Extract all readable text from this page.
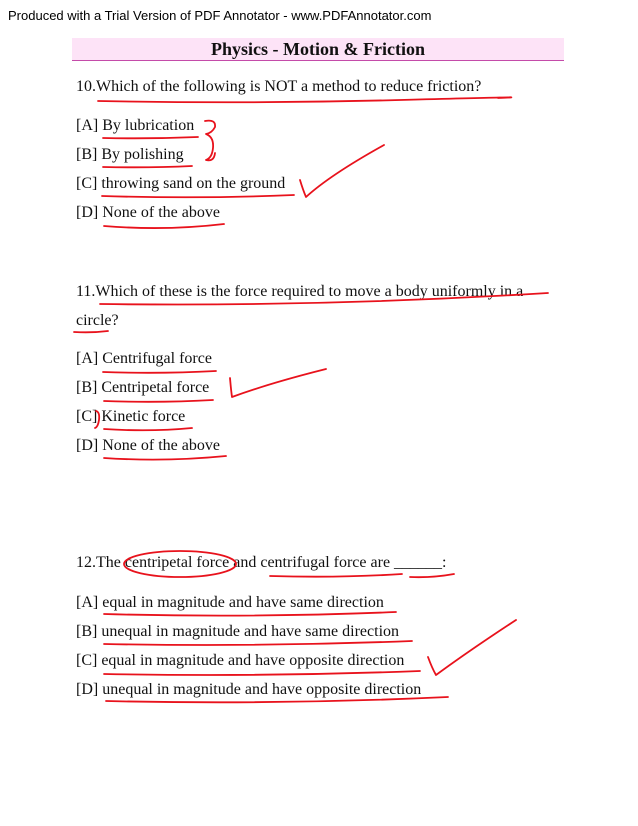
Produced with a Trial Version of PDF Annotator - www.PDFAnnotator.com
Physics - Motion & Friction
10.Which of the following is NOT a method to reduce friction?
[A] By lubrication
[B] By polishing
[C] throwing sand on the ground
[D] None of the above
11.Which of these is the force required to move a body uniformly in a
circle?
[A] Centrifugal force
[B] Centripetal force
[C] Kinetic force
[D] None of the above
12.The centripetal force and centrifugal force are ______:
[A] equal in magnitude and have same direction
[B] unequal in magnitude and have same direction
[C] equal in magnitude and have opposite direction
[D] unequal in magnitude and have opposite direction
